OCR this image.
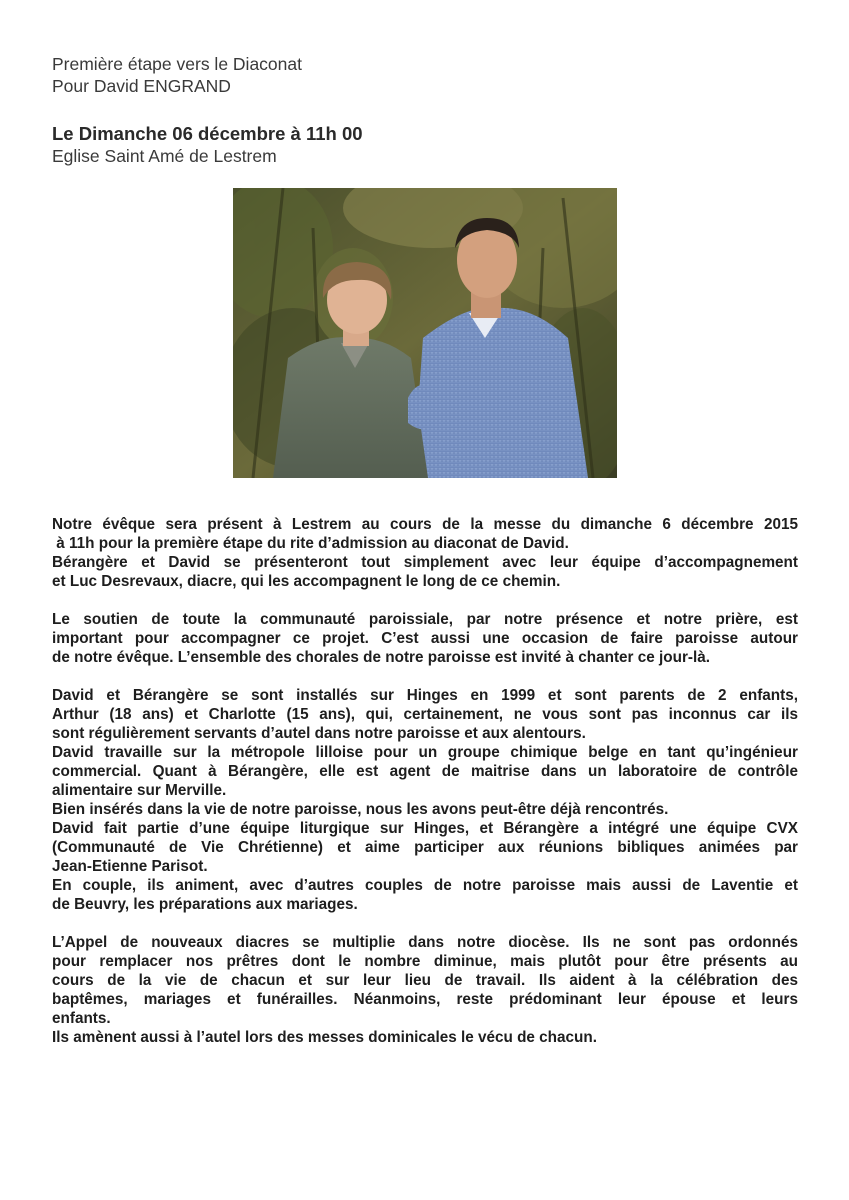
Première étape vers le Diaconat
Pour David ENGRAND
Le Dimanche 06 décembre à 11h 00
Eglise Saint Amé de Lestrem
Notre évêque sera présent à Lestrem au cours de la messe du dimanche 6 décembre 2015
à 11h pour la première étape du rite d’admission au diaconat de David.
Bérangère et David se présenteront tout simplement avec leur équipe d’accompagnement
et Luc Desrevaux, diacre, qui les accompagnent le long de ce chemin.
Le soutien de toute la communauté paroissiale, par notre présence et notre prière, est
important pour accompagner ce projet. C’est aussi une occasion de faire paroisse autour
de notre évêque. L’ensemble des chorales de notre paroisse est invité à chanter ce jour-là.
David et Bérangère se sont installés sur Hinges en 1999 et sont parents de 2 enfants,
Arthur (18 ans) et Charlotte (15 ans), qui, certainement, ne vous sont pas inconnus car ils
sont régulièrement servants d’autel dans notre paroisse et aux alentours.
David travaille sur la métropole lilloise pour un groupe chimique belge en tant qu’ingénieur
commercial. Quant à Bérangère, elle est agent de maitrise dans un laboratoire de contrôle
alimentaire sur Merville.
Bien insérés dans la vie de notre paroisse, nous les avons peut-être déjà rencontrés.
David fait partie d’une équipe liturgique sur Hinges, et Bérangère a intégré une équipe CVX
(Communauté de Vie Chrétienne) et aime participer aux réunions bibliques animées par
Jean-Etienne Parisot.
En couple, ils animent, avec d’autres couples de notre paroisse mais aussi de Laventie et
de Beuvry, les préparations aux mariages.
L’Appel de nouveaux diacres se multiplie dans notre diocèse. Ils ne sont pas ordonnés
pour remplacer nos prêtres dont le nombre diminue, mais plutôt pour être présents au
cours de la vie de chacun et sur leur lieu de travail. Ils aident à la célébration des
baptêmes, mariages et funérailles. Néanmoins, reste prédominant leur épouse et leurs
enfants.
Ils amènent aussi à l’autel lors des messes dominicales le vécu de chacun.
